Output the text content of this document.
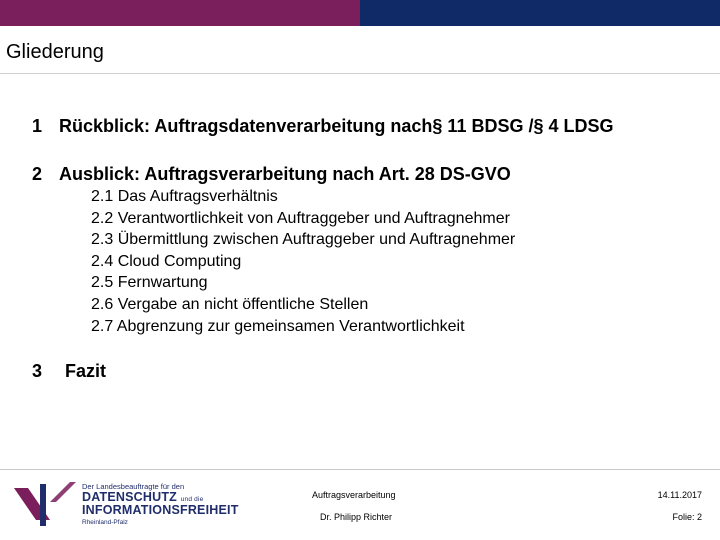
Gliederung
1 Rückblick: Auftragsdatenverarbeitung nach§ 11 BDSG /§ 4 LDSG
2 Ausblick: Auftragsverarbeitung nach Art. 28 DS-GVO
2.1 Das Auftragsverhältnis
2.2 Verantwortlichkeit von Auftraggeber und Auftragnehmer
2.3 Übermittlung zwischen Auftraggeber und Auftragnehmer
2.4 Cloud Computing
2.5 Fernwartung
2.6 Vergabe an nicht öffentliche Stellen
2.7 Abgrenzung zur gemeinsamen Verantwortlichkeit
3 Fazit
Der Landesbeauftragte für den
DATENSCHUTZ und die
INFORMATIONSFREIHEIT
Rheinland-Pfalz
Auftragsverarbeitung
Dr. Philipp Richter
14.11.2017
Folie: 2
